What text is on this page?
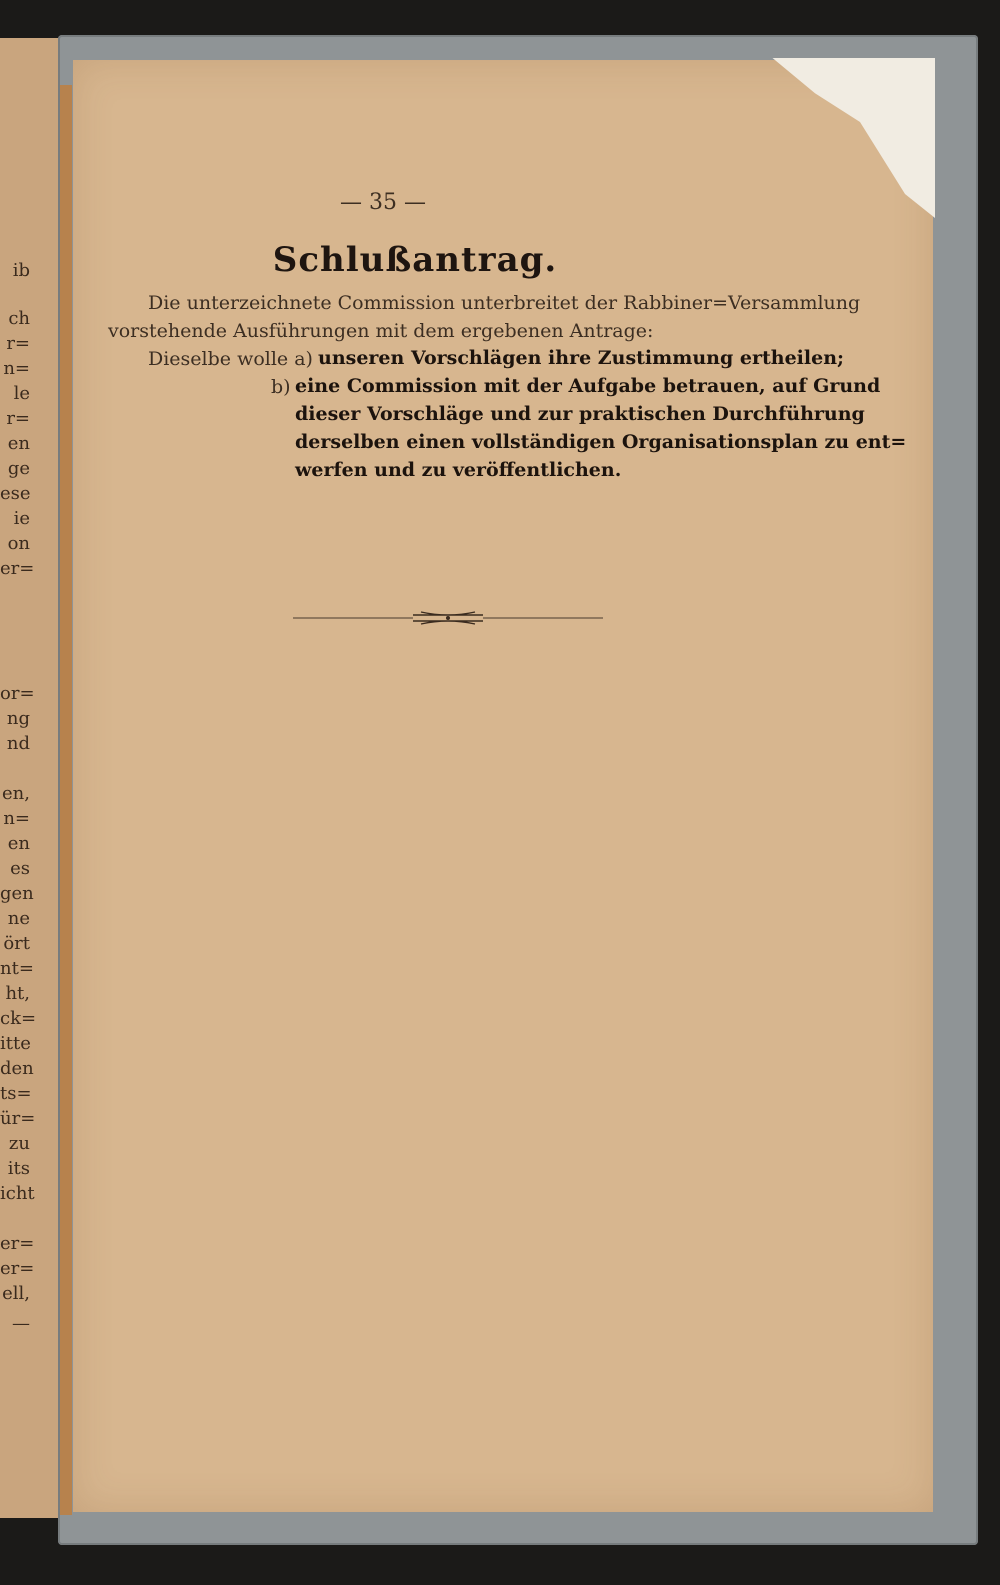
ib
ch
r=
n=
le
r=
en
ge
ese
ie
on
er=
or=
ng
nd
en,
n=
en
es
gen
ne
ört
nt=
ht,
ck=
itte
den
ts=
ür=
zu
its
icht
er=
er=
ell,
—
— 35 —
Schlußantrag.
Die unterzeichnete Commission unterbreitet der Rabbiner=Versammlung
vorstehende Ausführungen mit dem ergebenen Antrage:
Dieselbe wolle a) unseren Vorschlägen ihre Zustimmung ertheilen;
b) eine Commission mit der Aufgabe betrauen, auf Grund
dieser Vorschläge und zur praktischen Durchführung
derselben einen vollständigen Organisationsplan zu ent=
werfen und zu veröffentlichen.
